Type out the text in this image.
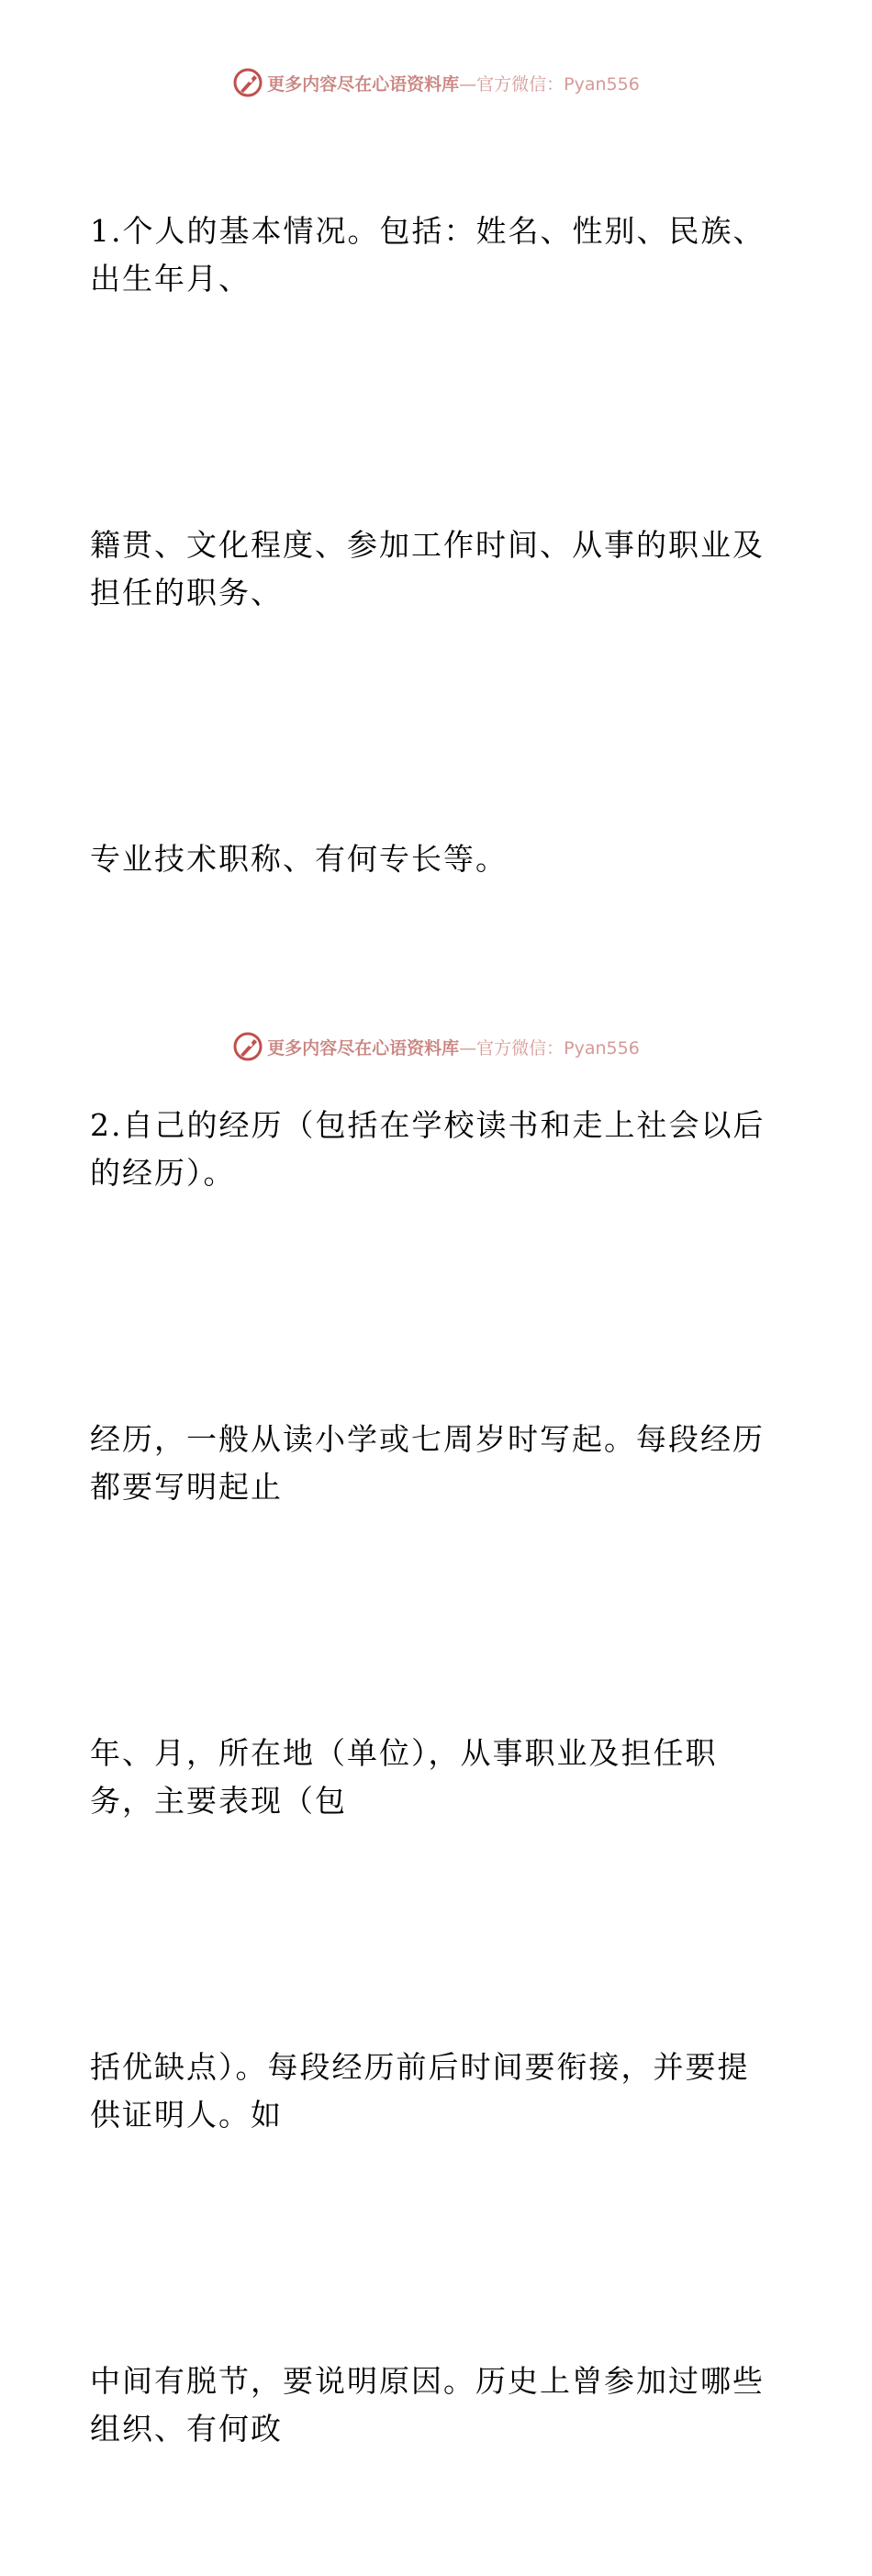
更多内容尽在心语资料库—官方微信：Pyan556

1.个人的基本情况。包括：姓名、性别、民族、
出生年月、

籍贯、文化程度、参加工作时间、从事的职业及
担任的职务、

专业技术职称、有何专长等。

2.自己的经历（包括在学校读书和走上社会以后
的经历）。

经历，一般从读小学或七周岁时写起。每段经历
都要写明起止

年、月，所在地（单位），从事职业及担任职
务，主要表现（包

括优缺点）。每段经历前后时间要衔接，并要提
供证明人。如

中间有脱节，要说明原因。历史上曾参加过哪些
组织、有何政

更多内容尽在心语资料库—官方微信：Pyan556
